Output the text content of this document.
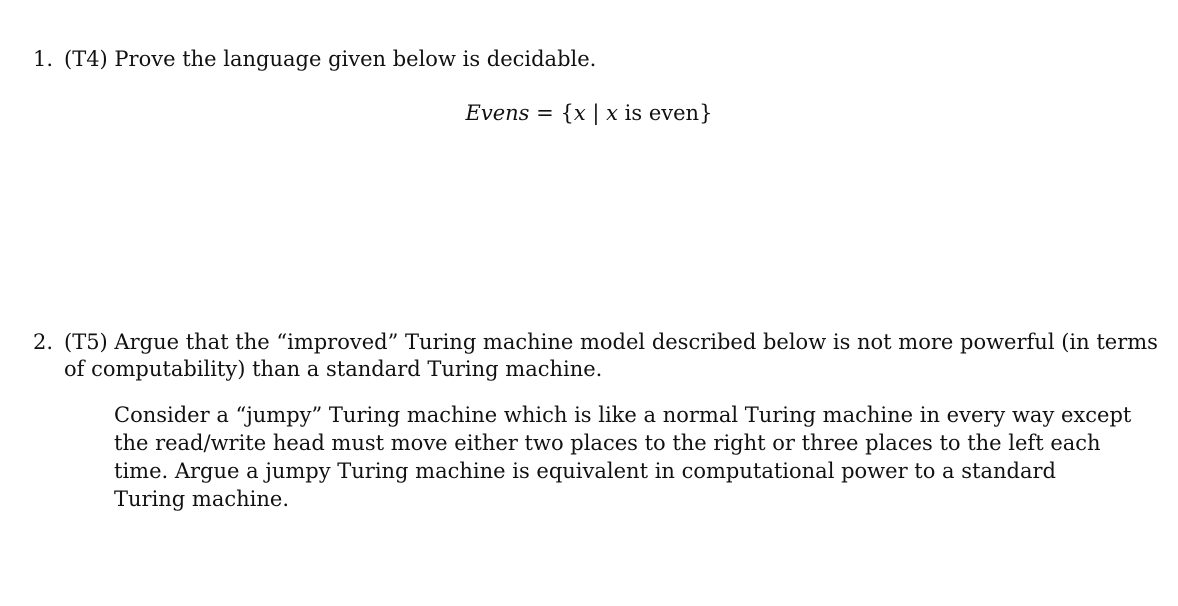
1. (T4) Prove the language given below is decidable.
Evens = {x | x is even}
2. (T5) Argue that the “improved” Turing machine model described below is not more powerful (in terms
of computability) than a standard Turing machine.
Consider a “jumpy” Turing machine which is like a normal Turing machine in every way except
the read/write head must move either two places to the right or three places to the left each
time. Argue a jumpy Turing machine is equivalent in computational power to a standard
Turing machine.
